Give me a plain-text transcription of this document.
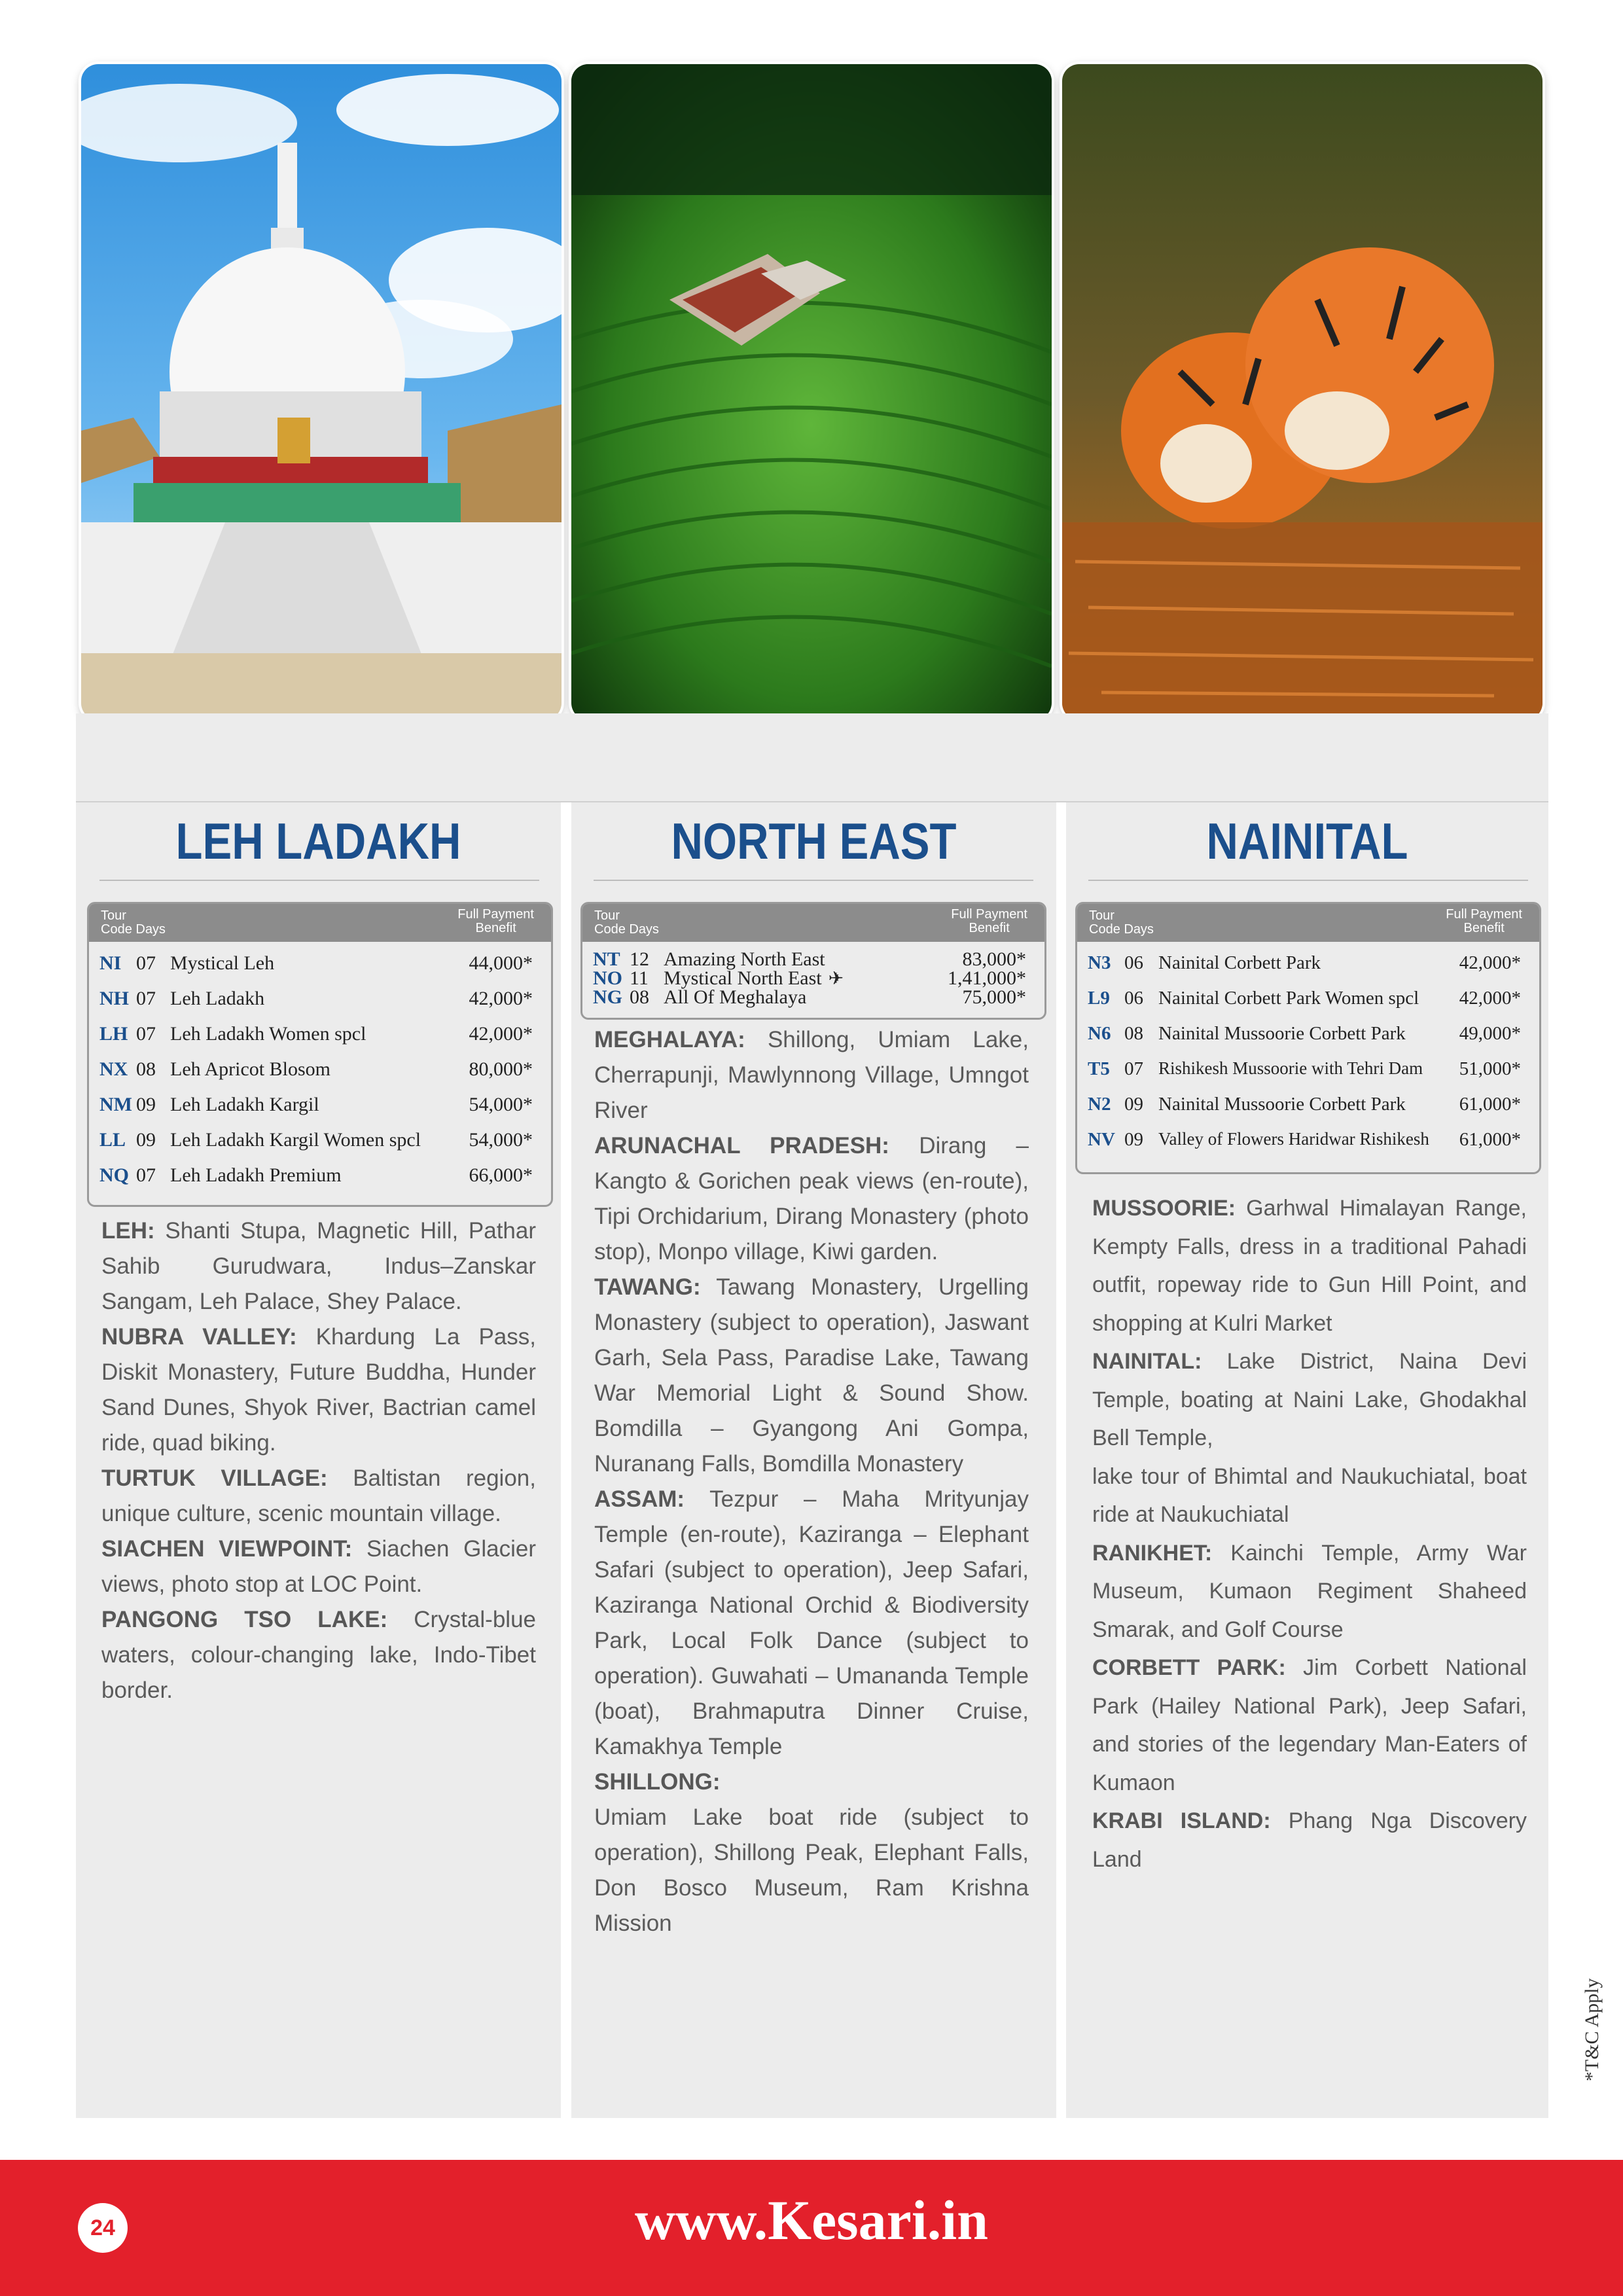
LEH LADAKH	NORTH EAST	NAINITAL
Tour
Code Days
Full Payment
Benefit
NI 07 Mystical Leh	44,000*
NH 07 Leh Ladakh	42,000*
LH 07 Leh Ladakh Women spcl	42,000*
NX 08 Leh Apricot Blosom	80,000*
NM 09 Leh Ladakh Kargil	54,000*
LL 09 Leh Ladakh Kargil Women spcl 54,000*
NQ 07 Leh Ladakh Premium	66,000*
Tour
Code Days
Full Payment
Benefit
NT 12 Amazing North East	83,000*
NO 11 Mystical North East ✈	1,41,000*
NG 08 All Of Meghalaya	75,000*
Tour
Code Days
Full Payment
Benefit
N3 06 Nainital Corbett Park	42,000*
L9 06 Nainital Corbett Park Women spcl 42,000*
N6 08 Nainital Mussoorie Corbett Park	49,000*
T5 07 Rishikesh Mussoorie with Tehri Dam 51,000*
N2 09 Nainital Mussoorie Corbett Park	61,000*
NV 09 Valley of Flowers Haridwar Rishikesh 61,000*

LEH: Shanti Stupa, Magnetic Hill, Pathar Sahib Gurudwara, Indus–Zanskar Sangam, Leh Palace, Shey Palace.

NUBRA VALLEY: Khardung La Pass, Diskit Monastery, Future Buddha, Hunder Sand Dunes, Shyok River, Bactrian camel ride, quad biking.

TURTUK VILLAGE: Baltistan region, unique culture, scenic mountain village.

SIACHEN VIEWPOINT: Siachen Glacier views, photo stop at LOC Point.

PANGONG TSO LAKE: Crystal-blue waters, colour-changing lake, Indo-Tibet border.

MEGHALAYA: Shillong, Umiam Lake, Cherrapunji, Mawlynnong Village, Umngot River

ARUNACHAL PRADESH: Dirang – Kangto & Gorichen peak views (en-route), Tipi Orchidarium, Dirang Monastery (photo stop), Monpo village, Kiwi garden.

TAWANG: Tawang Monastery, Urgelling Monastery (subject to operation), Jaswant Garh, Sela Pass, Paradise Lake, Tawang War Memorial Light & Sound Show. Bomdilla – Gyangong Ani Gompa, Nuranang Falls, Bomdilla Monastery

ASSAM: Tezpur – Maha Mrityunjay Temple (en-route), Kaziranga – Elephant Safari (subject to operation), Jeep Safari, Kaziranga National Orchid & Biodiversity Park, Local Folk Dance (subject to operation). Guwahati – Umananda Temple (boat), Brahmaputra Dinner Cruise, Kamakhya Temple

SHILLONG:

Umiam Lake boat ride (subject to operation), Shillong Peak, Elephant Falls, Don Bosco Museum, Ram Krishna Mission

MUSSOORIE: Garhwal Himalayan Range, Kempty Falls, dress in a traditional Pahadi outfit, ropeway ride to Gun Hill Point, and shopping at Kulri Market

NAINITAL: Lake District, Naina Devi Temple, boating at Naini Lake, Ghodakhal Bell Temple,

lake tour of Bhimtal and Naukuchiatal, boat ride at Naukuchiatal

RANIKHET: Kainchi Temple, Army War Museum, Kumaon Regiment Shaheed Smarak, and Golf Course

CORBETT PARK: Jim Corbett National Park (Hailey National Park), Jeep Safari, and stories of the legendary Man-Eaters of Kumaon

KRABI ISLAND: Phang Nga Discovery Land

*T&C Apply
24	www.Kesari.in
